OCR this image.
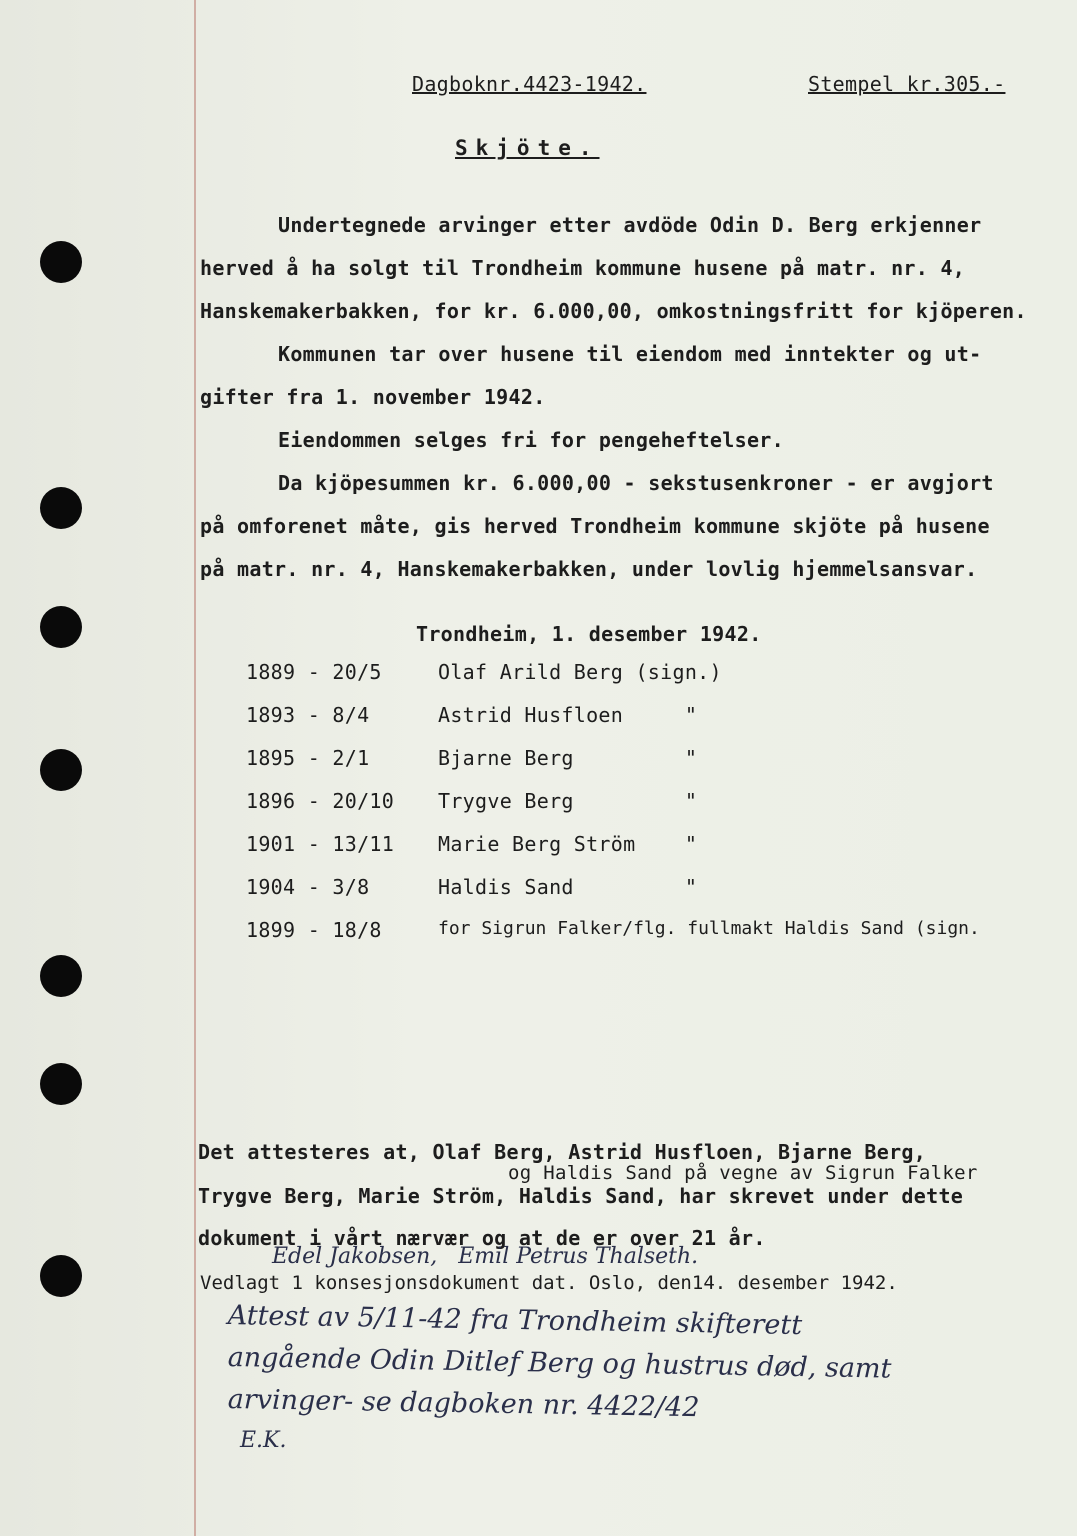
Dagboknr.4423-1942.	Stempel kr.305.-
Skjöte.
Undertegnede arvinger etter avdöde Odin D. Berg erkjenner
herved å ha solgt til Trondheim kommune husene på matr. nr. 4,
Hanskemakerbakken, for kr. 6.000,00, omkostningsfritt for kjöperen.
Kommunen tar over husene til eiendom med inntekter og ut-
gifter fra 1. november 1942.
Eiendommen selges fri for pengeheftelser.
Da kjöpesummen kr. 6.000,00 - sekstusenkroner - er avgjort
på omforenet måte, gis herved Trondheim kommune skjöte på husene
på matr. nr. 4, Hanskemakerbakken, under lovlig hjemmelsansvar.
Trondheim, 1. desember 1942.
1889 - 20/5	Olaf Arild Berg (sign.)
1893 - 8/4	Astrid Husfloen     "
1895 - 2/1	Bjarne Berg         "
1896 - 20/10 Trygve Berg         "
1901 - 13/11 Marie Berg Ström    "
1904 - 3/8	Haldis Sand         "
1899 - 18/8	for Sigrun Falker/flg. fullmakt Haldis Sand (sign.
Det attesteres at, Olaf Berg, Astrid Husfloen, Bjarne Berg,
og Haldis Sand på vegne av Sigrun Falker
Trygve Berg, Marie Ström, Haldis Sand, har skrevet under dette
dokument i vårt nærvær og at de er over 21 år.
Edel Jakobsen,   Emil Petrus Thalseth.
Vedlagt 1 konsesjonsdokument dat. Oslo, den14. desember 1942.
Attest av 5/11-42 fra Trondheim skifterett
angående Odin Ditlef Berg og hustrus død, samt
arvinger- se dagboken nr. 4422/42
E.K.
